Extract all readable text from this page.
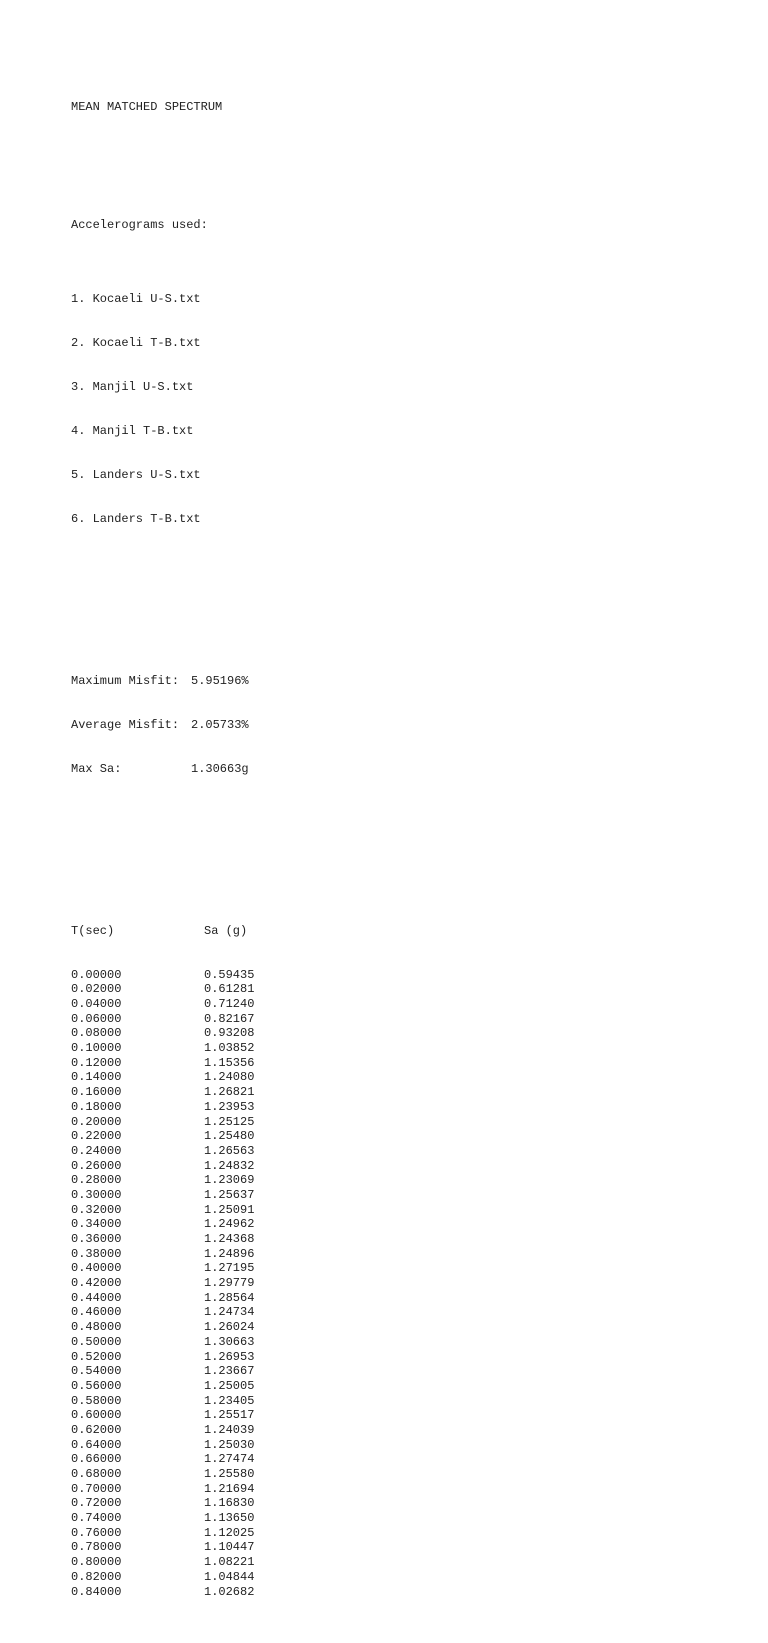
MEAN MATCHED SPECTRUM

Accelerograms used:

1. Kocaeli U-S.txt

2. Kocaeli T-B.txt

3. Manjil U-S.txt

4. Manjil T-B.txt

5. Landers U-S.txt

6. Landers T-B.txt

Maximum Misfit: 5.95196%

Average Misfit: 2.05733%

Max Sa:	1.30663g

T(sec)	Sa (g)

0.00000	0.59435
0.02000	0.61281
0.04000	0.71240
0.06000	0.82167
0.08000	0.93208
0.10000	1.03852
0.12000	1.15356
0.14000	1.24080
0.16000	1.26821
0.18000	1.23953
0.20000	1.25125
0.22000	1.25480
0.24000	1.26563
0.26000	1.24832
0.28000	1.23069
0.30000	1.25637
0.32000	1.25091
0.34000	1.24962
0.36000	1.24368
0.38000	1.24896
0.40000	1.27195
0.42000	1.29779
0.44000	1.28564
0.46000	1.24734
0.48000	1.26024
0.50000	1.30663
0.52000	1.26953
0.54000	1.23667
0.56000	1.25005
0.58000	1.23405
0.60000	1.25517
0.62000	1.24039
0.64000	1.25030
0.66000	1.27474
0.68000	1.25580
0.70000	1.21694
0.72000	1.16830
0.74000	1.13650
0.76000	1.12025
0.78000	1.10447
0.80000	1.08221
0.82000	1.04844
0.84000	1.02682
